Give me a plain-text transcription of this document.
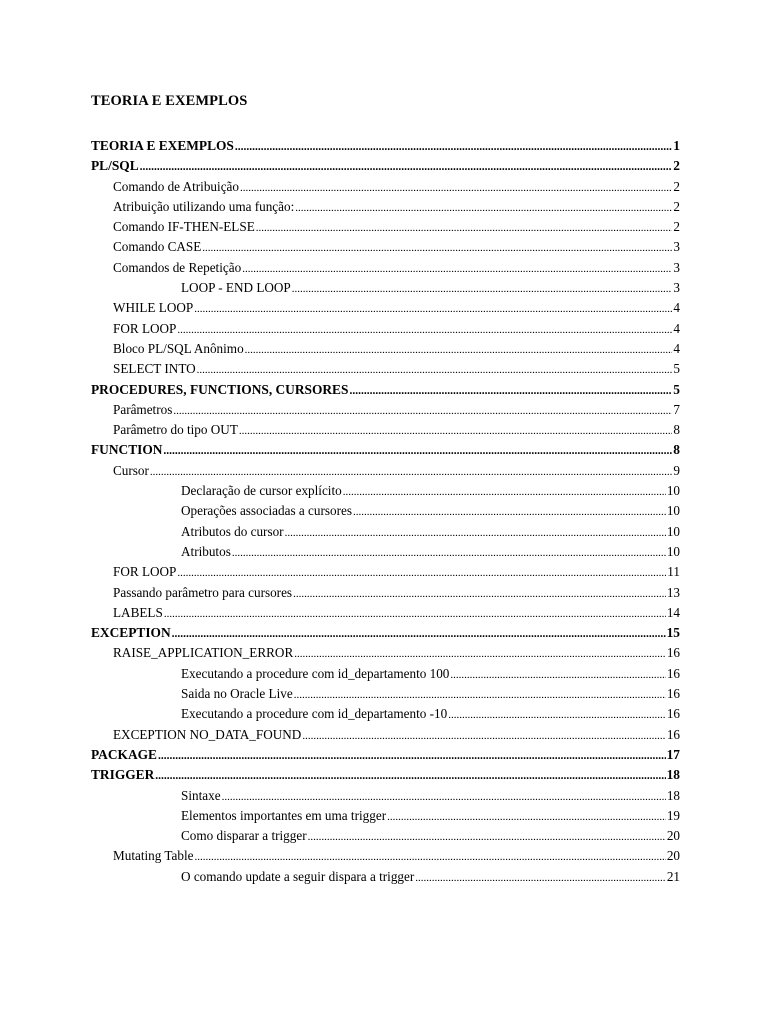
TEORIA E EXEMPLOS
TEORIA E EXEMPLOS .....	1
PL/SQL .....	2
Comando de Atribuição .....	2
Atribuição utilizando uma função: .....	2
Comando IF-THEN-ELSE .....	2
Comando CASE .....	3
Comandos de Repetição .....	3
LOOP - END LOOP .....	3
WHILE LOOP .....	4
FOR LOOP .....	4
Bloco PL/SQL Anônimo .....	4
SELECT INTO .....	5
PROCEDURES, FUNCTIONS, CURSORES .....	5
Parâmetros .....	7
Parâmetro do tipo OUT .....	8
FUNCTION .....	8
Cursor .....	9
Declaração de cursor explícito .....	10
Operações associadas a cursores .....	10
Atributos do cursor .....	10
Atributos .....	10
FOR LOOP .....	11
Passando parâmetro para cursores .....	13
LABELS .....	14
EXCEPTION .....	15
RAISE_APPLICATION_ERROR .....	16
Executando a procedure com id_departamento 100 .....	16
Saida no Oracle Live .....	16
Executando a procedure com id_departamento -10 .....	16
EXCEPTION NO_DATA_FOUND .....	16
PACKAGE .....	17
TRIGGER .....	18
Sintaxe .....	18
Elementos importantes em uma trigger .....	19
Como disparar a trigger .....	20
Mutating Table .....	20
O comando update a seguir dispara a trigger .....	21
